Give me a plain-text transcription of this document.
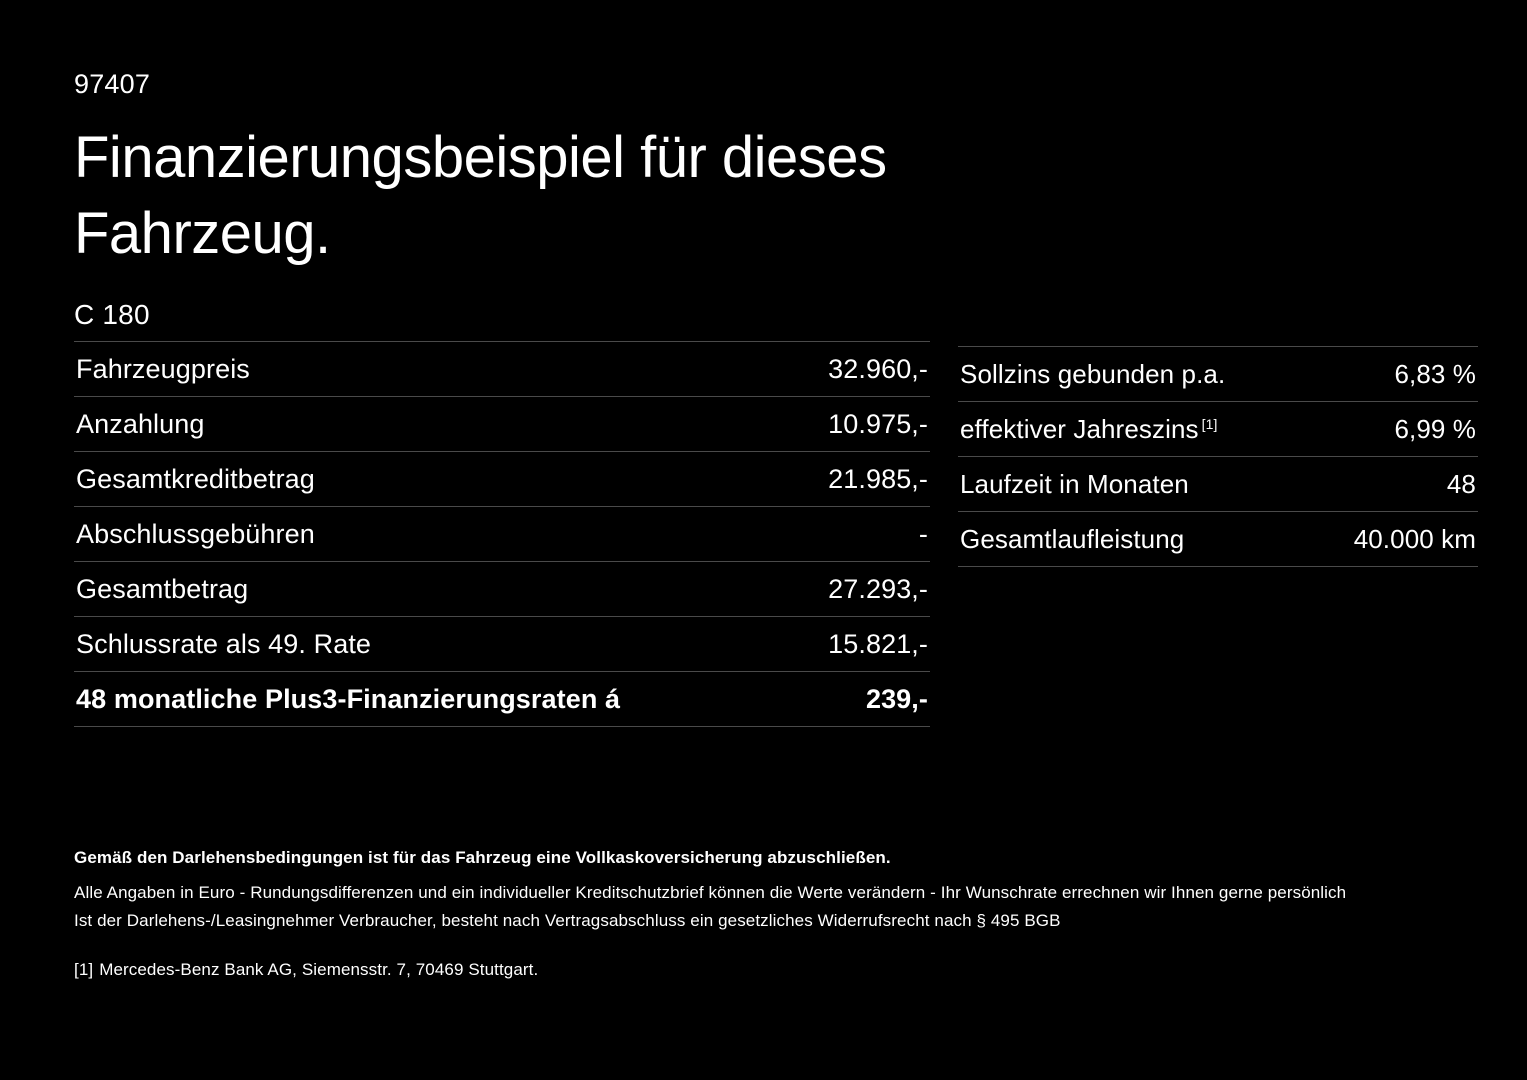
97407
Finanzierungsbeispiel für dieses Fahrzeug.
C 180
Fahrzeugpreis	32.960,-
Anzahlung	10.975,-
Gesamtkreditbetrag	21.985,-
Abschlussgebühren	-
Gesamtbetrag	27.293,-
Schlussrate als 49. Rate	15.821,-
48 monatliche Plus3-Finanzierungsraten á	239,-
Sollzins gebunden p.a.	6,83 %
effektiver Jahreszins [1]	6,99 %
Laufzeit in Monaten	48
Gesamtlaufleistung	40.000 km
Gemäß den Darlehensbedingungen ist für das Fahrzeug eine Vollkaskoversicherung abzuschließen.
Alle Angaben in Euro - Rundungsdifferenzen und ein individueller Kreditschutzbrief können die Werte verändern - Ihr Wunschrate errechnen wir Ihnen gerne persönlich
Ist der Darlehens-/Leasingnehmer Verbraucher, besteht nach Vertragsabschluss ein gesetzliches Widerrufsrecht nach § 495 BGB
[1] Mercedes-Benz Bank AG, Siemensstr. 7, 70469 Stuttgart.
